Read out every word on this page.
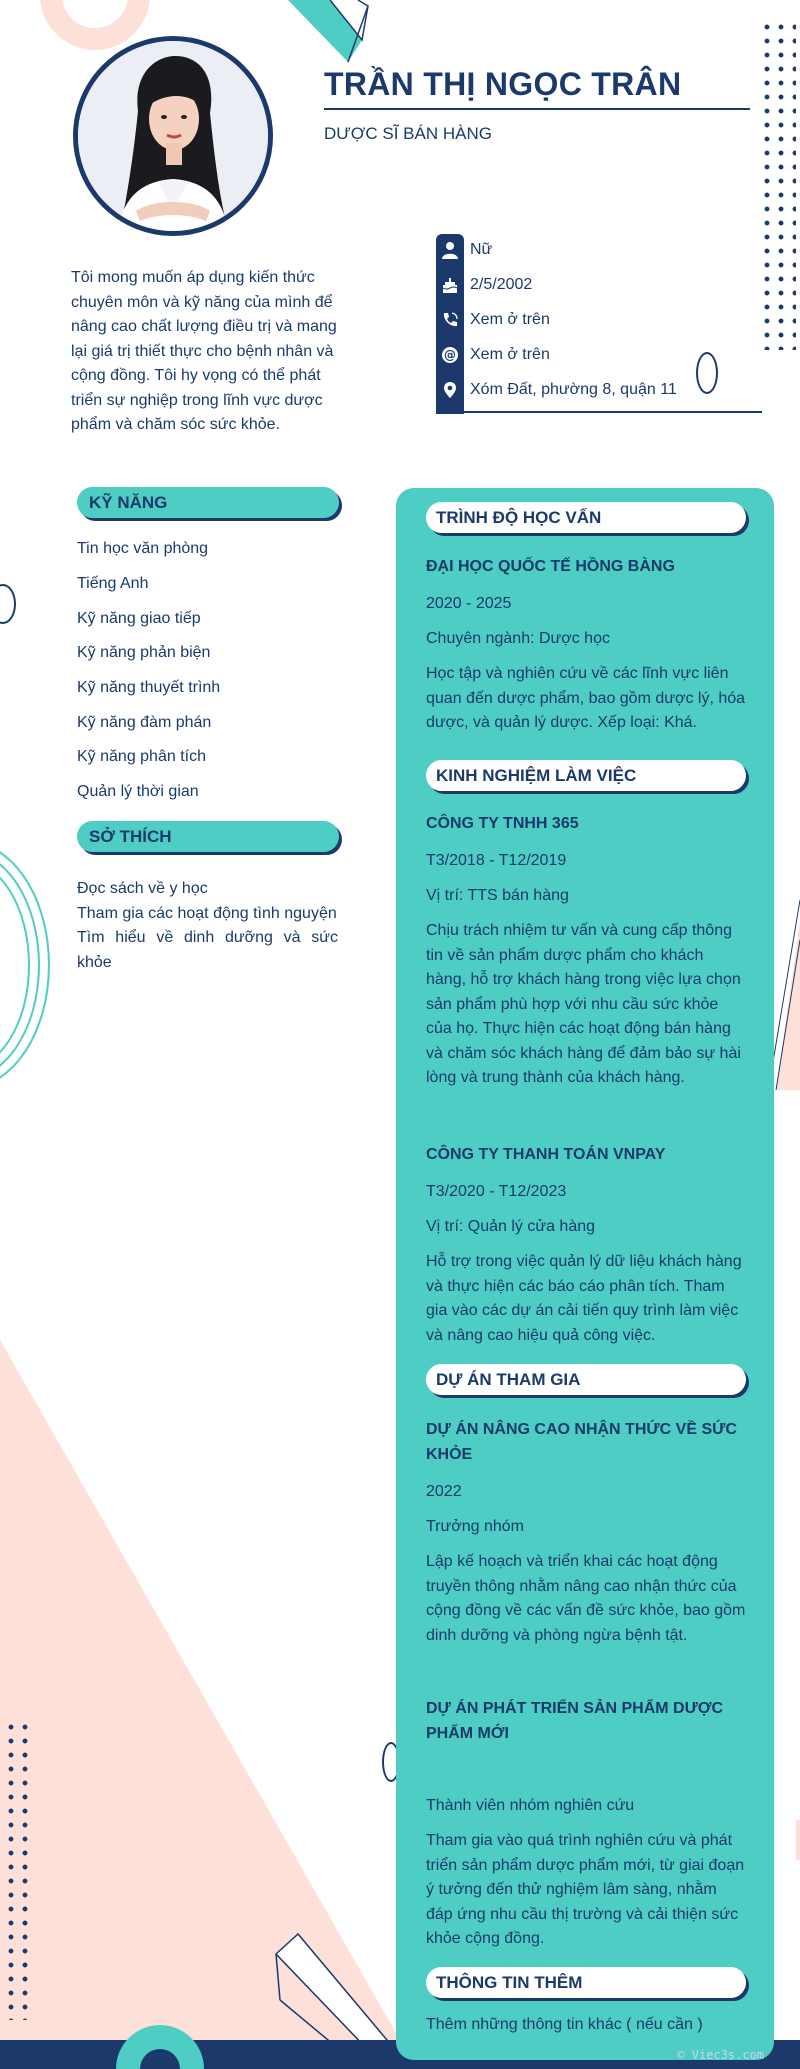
TRẦN THỊ NGỌC TRÂN
DƯỢC SĨ BÁN HÀNG
Tôi mong muốn áp dụng kiến thức chuyên môn và kỹ năng của mình để nâng cao chất lượng điều trị và mang lại giá trị thiết thực cho bệnh nhân và cộng đồng. Tôi hy vọng có thể phát triển sự nghiệp trong lĩnh vực dược phẩm và chăm sóc sức khỏe.
Nữ
2/5/2002
Xem ở trên
@ Xem ở trên
Xóm Đất, phường 8, quận 11
KỸ NĂNG
Tin học văn phòng
Tiếng Anh
Kỹ năng giao tiếp
Kỹ năng phản biện
Kỹ năng thuyết trình
Kỹ năng đàm phán
Kỹ năng phân tích
Quản lý thời gian
SỞ THÍCH
Đọc sách về y học
Tham gia các hoạt động tình nguyện
Tìm hiểu về dinh dưỡng và sức khỏe
TRÌNH ĐỘ HỌC VẤN
ĐẠI HỌC QUỐC TẾ HỒNG BÀNG
2020 - 2025
Chuyên ngành: Dược học
Học tập và nghiên cứu về các lĩnh vực liên quan đến dược phẩm, bao gồm dược lý, hóa dược, và quản lý dược. Xếp loại: Khá.
KINH NGHIỆM LÀM VIỆC
CÔNG TY TNHH 365
T3/2018 - T12/2019
Vị trí: TTS bán hàng
Chịu trách nhiệm tư vấn và cung cấp thông tin về sản phẩm dược phẩm cho khách hàng, hỗ trợ khách hàng trong việc lựa chọn sản phẩm phù hợp với nhu cầu sức khỏe của họ. Thực hiện các hoạt động bán hàng và chăm sóc khách hàng để đảm bảo sự hài lòng và trung thành của khách hàng.
CÔNG TY THANH TOÁN VNPAY
T3/2020 - T12/2023
Vị trí: Quản lý cửa hàng
Hỗ trợ trong việc quản lý dữ liệu khách hàng và thực hiện các báo cáo phân tích. Tham gia vào các dự án cải tiến quy trình làm việc và nâng cao hiệu quả công việc.
DỰ ÁN THAM GIA
DỰ ÁN NÂNG CAO NHẬN THỨC VỀ SỨC KHỎE
2022
Trưởng nhóm
Lập kế hoạch và triển khai các hoạt động truyền thông nhằm nâng cao nhận thức của cộng đồng về các vấn đề sức khỏe, bao gồm dinh dưỡng và phòng ngừa bệnh tật.
DỰ ÁN PHÁT TRIỂN SẢN PHẨM DƯỢC PHẨM MỚI
Thành viên nhóm nghiên cứu
Tham gia vào quá trình nghiên cứu và phát triển sản phẩm dược phẩm mới, từ giai đoạn ý tưởng đến thử nghiệm lâm sàng, nhằm đáp ứng nhu cầu thị trường và cải thiện sức khỏe cộng đồng.
THÔNG TIN THÊM
Thêm những thông tin khác ( nếu cần )
© Viec3s.com
